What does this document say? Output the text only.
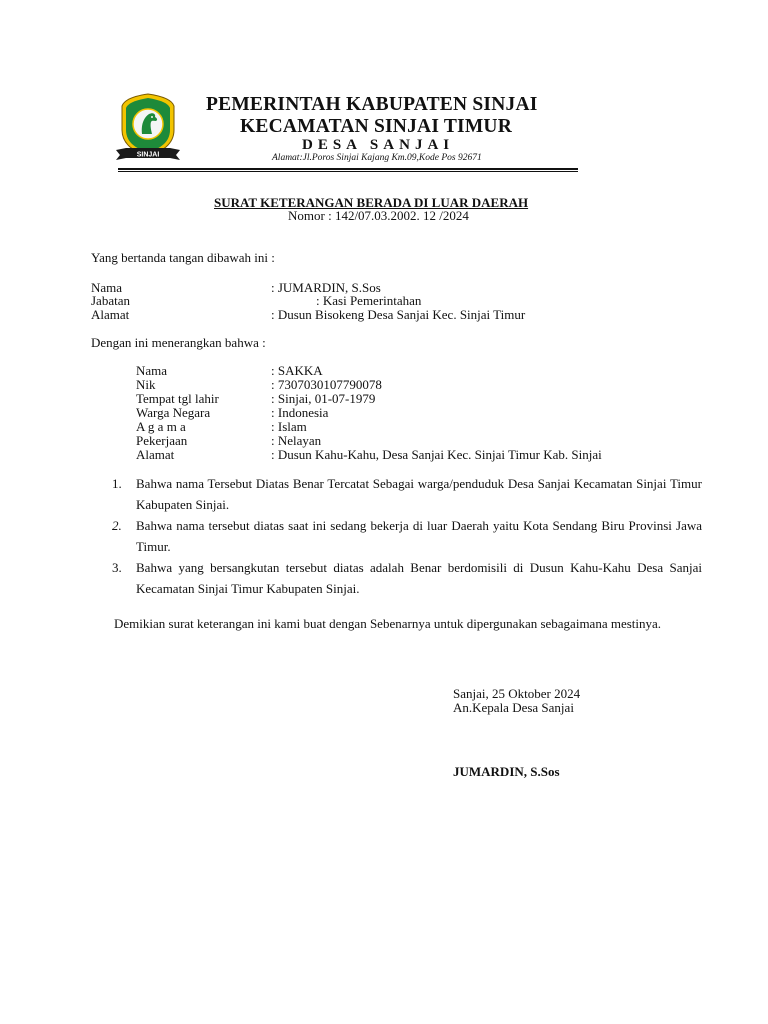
SINJAI
PEMERINTAH KABUPATEN SINJAI
KECAMATAN SINJAI TIMUR
DESA SANJAI
Alamat:Jl.Poros Sinjai Kajang Km.09,Kode Pos 92671
SURAT KETERANGAN BERADA DI LUAR DAERAH
Nomor : 142/07.03.2002. 12 /2024
Yang bertanda tangan dibawah ini :
Nama	: JUMARDIN, S.Sos
Jabatan	: Kasi Pemerintahan
Alamat	: Dusun Bisokeng Desa Sanjai Kec. Sinjai Timur
Dengan ini menerangkan bahwa :
Nama	: SAKKA
Nik	: 7307030107790078
Tempat tgl lahir	: Sinjai, 01-07-1979
Warga Negara	: Indonesia
A g a m a	: Islam
Pekerjaan	: Nelayan
Alamat	: Dusun Kahu-Kahu, Desa Sanjai Kec. Sinjai Timur Kab. Sinjai
1. Bahwa nama Tersebut Diatas Benar Tercatat Sebagai warga/penduduk Desa Sanjai Kecamatan Sinjai Timur Kabupaten Sinjai.
2. Bahwa nama tersebut diatas saat ini sedang bekerja di luar Daerah yaitu Kota Sendang Biru Provinsi Jawa Timur.
3. Bahwa yang bersangkutan tersebut diatas adalah Benar berdomisili di Dusun Kahu-Kahu Desa Sanjai Kecamatan Sinjai Timur Kabupaten Sinjai.
Demikian surat keterangan ini kami buat dengan Sebenarnya untuk dipergunakan sebagaimana mestinya.
Sanjai, 25 Oktober 2024
An.Kepala Desa Sanjai
JUMARDIN, S.Sos
